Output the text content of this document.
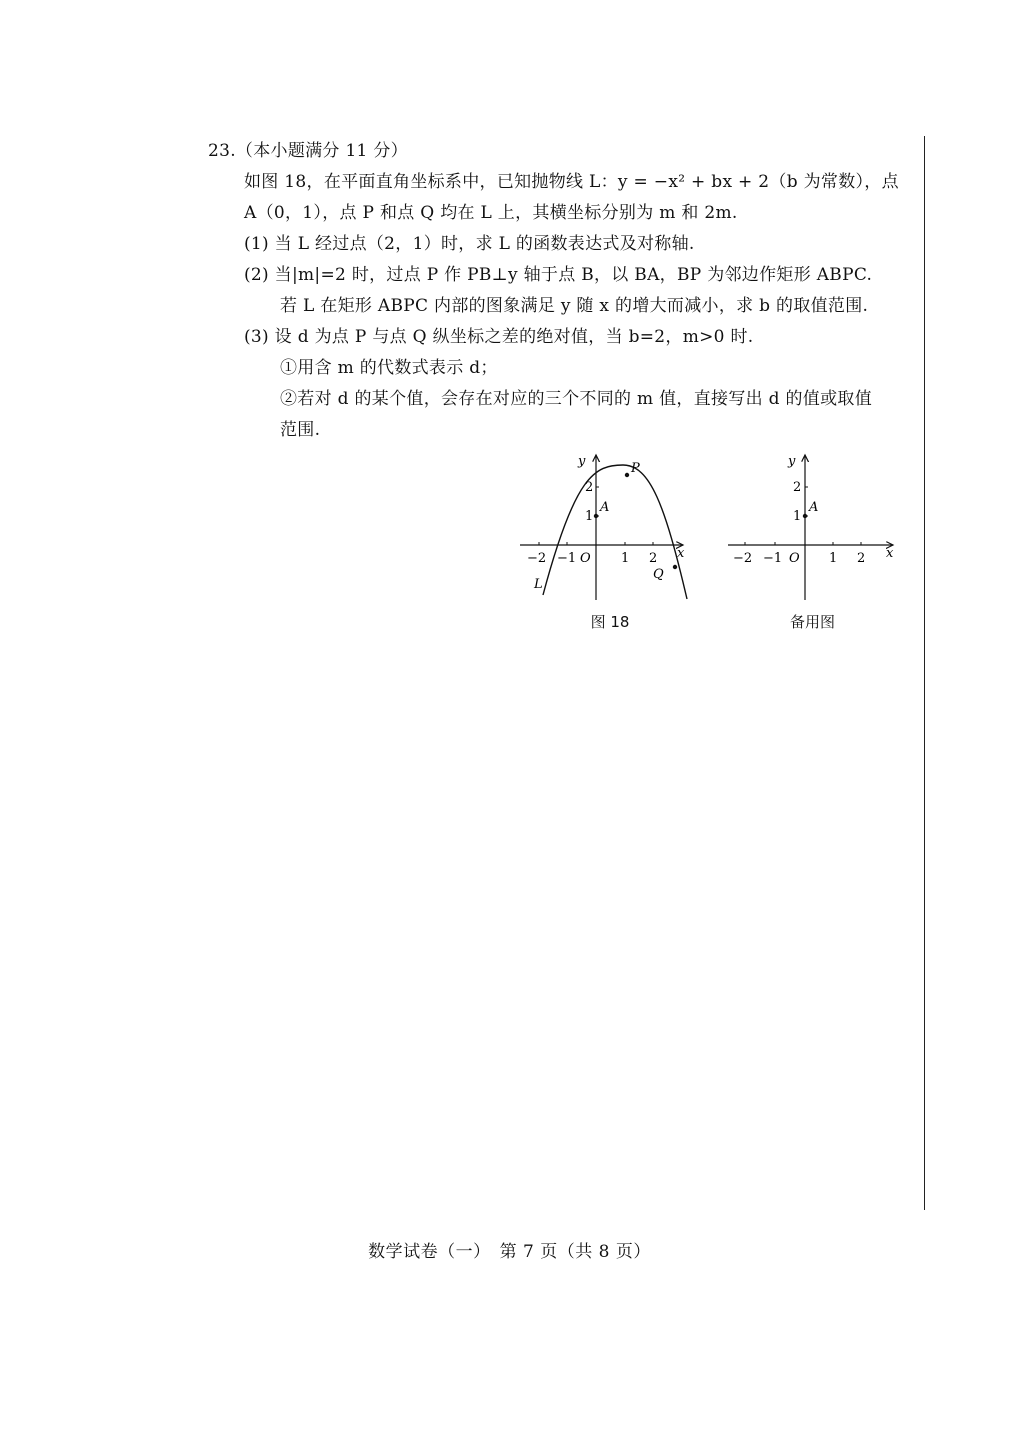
23.（本小题满分 11 分）
如图 18，在平面直角坐标系中，已知抛物线 L：y = −x² + bx + 2（b 为常数），点
A（0，1），点 P 和点 Q 均在 L 上，其横坐标分别为 m 和 2m.
(1) 当 L 经过点（2，1）时，求 L 的函数表达式及对称轴.
(2) 当|m|=2 时，过点 P 作 PB⊥y 轴于点 B，以 BA，BP 为邻边作矩形 ABPC.
若 L 在矩形 ABPC 内部的图象满足 y 随 x 的增大而减小，求 b 的取值范围.
(3) 设 d 为点 P 与点 Q 纵坐标之差的绝对值，当 b=2，m>0 时.
①用含 m 的代数式表示 d；
②若对 d 的某个值，会存在对应的三个不同的 m 值，直接写出 d 的值或取值
范围.
x
y
O
−2 −1	1 2
1
2
A
P
Q
L
图 18
x
y
O
−2 −1	1 2
1
2
A
备用图
数学试卷（一）　第 7 页（共 8 页）
